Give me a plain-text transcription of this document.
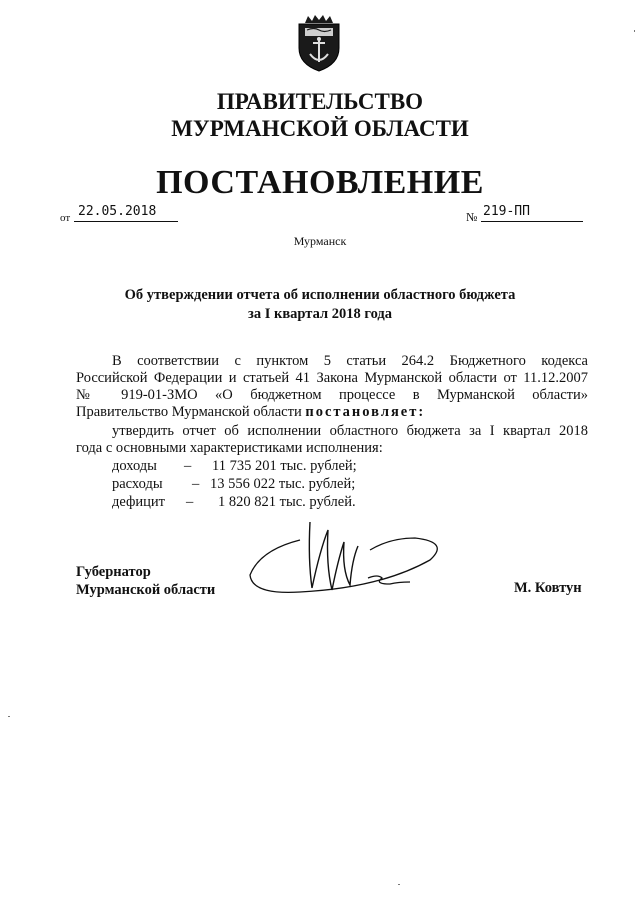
ПРАВИТЕЛЬСТВО
МУРМАНСКОЙ ОБЛАСТИ
ПОСТАНОВЛЕНИЕ
от 22.05.2018	№ 219-ПП
Мурманск
Об утверждении отчета об исполнении областного бюджета
за I квартал 2018 года
В соответствии с пунктом 5 статьи 264.2 Бюджетного кодекса
Российской Федерации и статьей 41 Закона Мурманской области от 11.12.2007
№ 919-01-ЗМО «О бюджетном процессе в Мурманской области»
Правительство Мурманской области постановляет:
утвердить отчет об исполнении областного бюджета за I квартал 2018
года с основными характеристиками исполнения:
доходы – 11 735 201 тыс. рублей;
расходы – 13 556 022 тыс. рублей;
дефицит – 1 820 821 тыс. рублей.
Губернатор
Мурманской области	М. Ковтун
